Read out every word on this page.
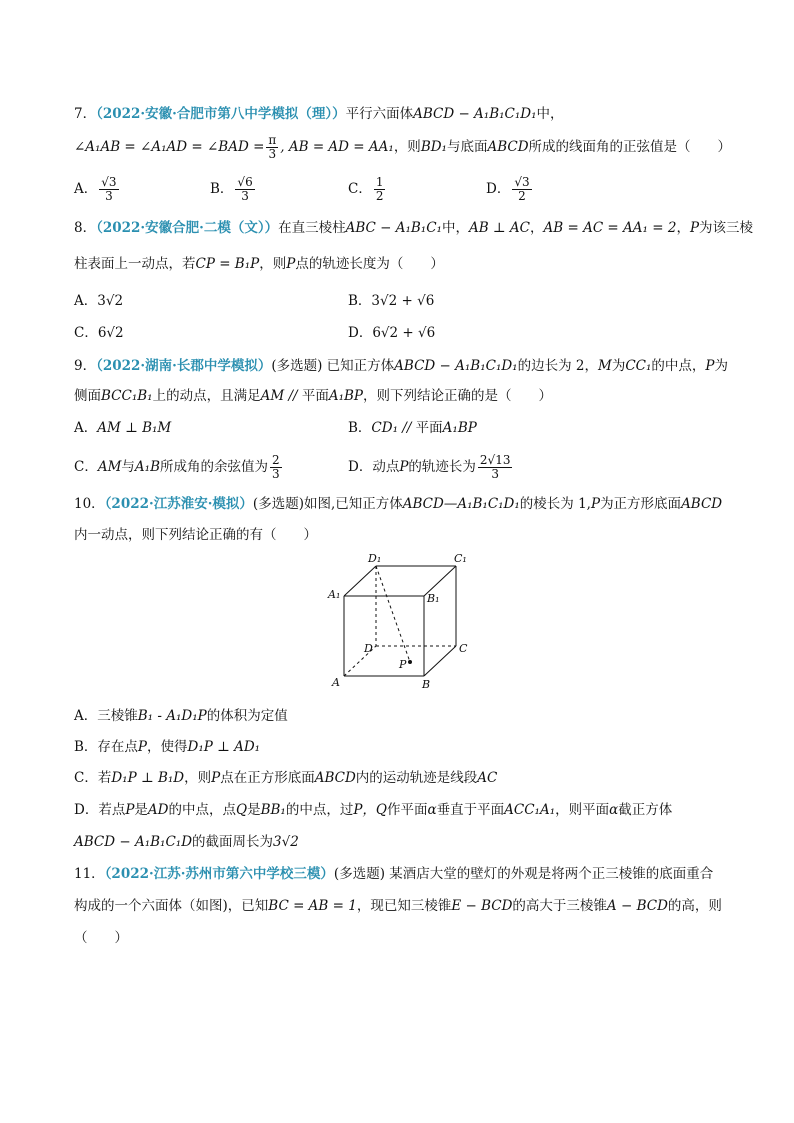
7．（2022·安徽·合肥市第八中学模拟（理））平行六面体ABCD − A₁B₁C₁D₁中，
∠A₁AB = ∠A₁AD = ∠BAD = $\frac{\pi}{3}$ , AB = AD = AA₁，则BD₁与底面ABCD所成的线面角的正弦值是（　　）
A． $\frac{√3}{3}$	B． $\frac{√6}{3}$	C． $\frac{1}{2}$	D． $\frac{√3}{2}$
8．（2022·安徽合肥·二模（文））在直三棱柱ABC − A₁B₁C₁中，AB ⊥ AC，AB = AC = AA₁ = 2，P为该三棱
柱表面上一动点，若CP = B₁P，则P点的轨迹长度为（　　）
A．3√2	B．3√2 + √6
C．6√2	D．6√2 + √6
9．（2022·湖南·长郡中学模拟）(多选题) 已知正方体ABCD − A₁B₁C₁D₁的边长为 2，M为CC₁的中点，P为
侧面BCC₁B₁上的动点，且满足AM // 平面A₁BP，则下列结论正确的是（　　）
A．AM ⊥ B₁M	B．CD₁ // 平面A₁BP
C．AM与A₁B所成角的余弦值为 $\frac{2}{3}$	D．动点P的轨迹长为 $\frac{2√13}{3}$
10．（2022·江苏淮安·模拟）(多选题)如图,已知正方体ABCD—A₁B₁C₁D₁的棱长为 1,P为正方形底面ABCD
内一动点，则下列结论正确的有（　　）
D₁	C₁
A₁	B₁
D	C
A	B
P
A．三棱锥B₁ - A₁D₁P的体积为定值
B．存在点P，使得D₁P ⊥ AD₁
C．若D₁P ⊥ B₁D，则P点在正方形底面ABCD内的运动轨迹是线段AC
D．若点P是AD的中点，点Q是BB₁的中点，过P，Q作平面α垂直于平面ACC₁A₁，则平面α截正方体
ABCD − A₁B₁C₁D的截面周长为3√2
11．（2022·江苏·苏州市第六中学校三模）(多选题) 某酒店大堂的壁灯的外观是将两个正三棱锥的底面重合
构成的一个六面体（如图)，已知BC = AB = 1，现已知三棱锥E − BCD的高大于三棱锥A − BCD的高，则
（　　）
